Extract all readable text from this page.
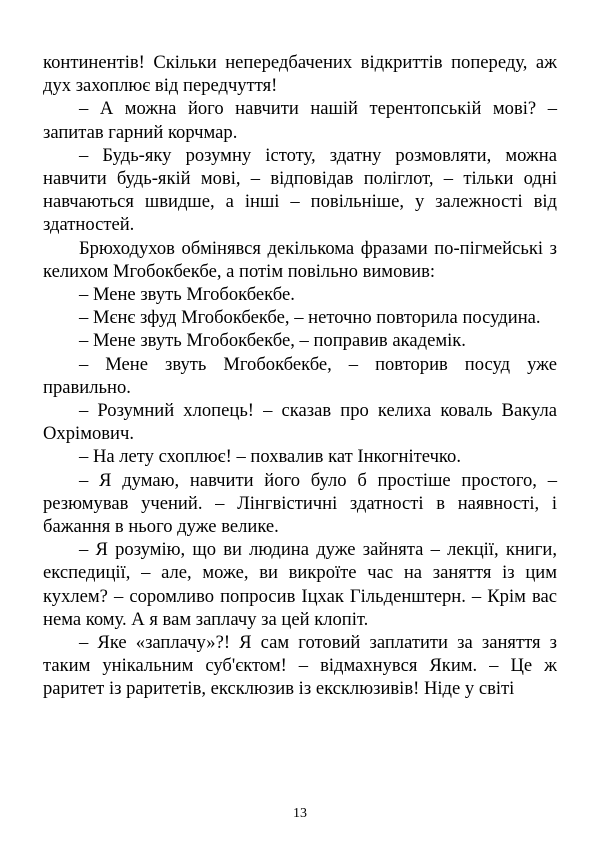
континентів! Скільки непередбачених відкриттів попереду, аж дух захоплює від передчуття!

– А можна його навчити нашій терентопській мові? – запитав гарний корчмар.

– Будь-яку розумну істоту, здатну розмовляти, можна навчити будь-якій мові, – відповідав поліглот, – тільки одні навчаються швидше, а інші – повільніше, у залежності від здатностей.

Брюходухов обмінявся декількома фразами по-пігмейські з келихом Мгобокбекбе, а потім повільно вимовив:

– Мене звуть Мгобокбекбе.

– Мєнє зфуд Мгобокбекбе, – неточно повторила посудина.

– Мене звуть Мгобокбекбе, – поправив академік.

– Мене звуть Мгобокбекбе, – повторив посуд уже правильно.

– Розумний хлопець! – сказав про келиха коваль Вакула Охрімович.

– На лету схоплює! – похвалив кат Інкогнітечко.

– Я думаю, навчити його було б простіше простого, – резюмував учений. – Лінгвістичні здатності в наявності, і бажання в нього дуже велике.

– Я розумію, що ви людина дуже зайнята – лекції, книги, експедиції, – але, може, ви викроїте час на заняття із цим кухлем? – соромливо попросив Іцхак Гільденштерн. – Крім вас нема кому. А я вам заплачу за цей клопіт.

– Яке «заплачу»?! Я сам готовий заплатити за заняття з таким унікальним суб'єктом! – відмахнувся Яким. – Це ж раритет із раритетів, ексклюзив із ексклюзивів! Ніде у світі

13
